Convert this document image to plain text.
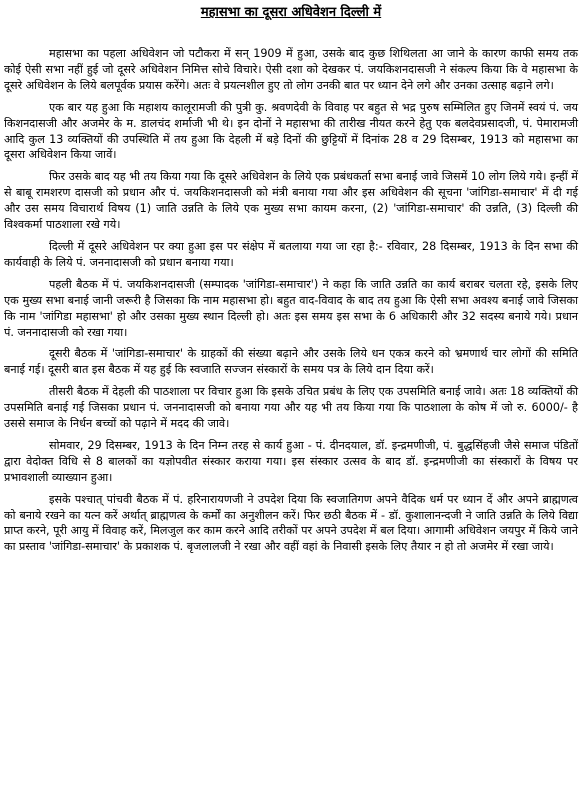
महासभा का दूसरा अधिवेशन दिल्ली में

महासभा का पहला अधिवेशन जो पटौकरा में सन् 1909 में हुआ, उसके बाद कुछ शिथिलता आ जाने के कारण काफी समय तक कोई ऐसी सभा नहीं हुई जो दूसरे अधिवेशन निमित्त सोचे विचारे। ऐसी दशा को देखकर पं. जयकिशनदासजी ने संकल्प किया कि वे महासभा के दूसरे अधिवेशन के लिये बलपूर्वक प्रयास करेंगे। अतः वे प्रयत्नशील हुए तो लोग उनकी बात पर ध्यान देने लगे और उनका उत्साह बढ़ाने लगे।

एक बार यह हुआ कि महाशय कालूरामजी की पुत्री कु. श्रवणदेवी के विवाह पर बहुत से भद्र पुरुष सम्मिलित हुए जिनमें स्वयं पं. जय किशनदासजी और अजमेर के म. डालचंद शर्माजी भी थे। इन दोनों ने महासभा की तारीख नीयत करने हेतु एक बलदेवप्रसादजी, पं. पेमारामजी आदि कुल 13 व्यक्तियों की उपस्थिति में तय हुआ कि देहली में बड़े दिनों की छुट्टियों में दिनांक 28 व 29 दिसम्बर, 1913 को महासभा का दूसरा अधिवेशन किया जावें।

फिर उसके बाद यह भी तय किया गया कि दूसरे अधिवेशन के लिये एक प्रबंधकर्ता सभा बनाई जावे जिसमें 10 लोग लिये गये। इन्हीं में से बाबू रामशरण दासजी को प्रधान और पं. जयकिशनदासजी को मंत्री बनाया गया और इस अधिवेशन की सूचना 'जांगिडा-समाचार' में दी गई और उस समय विचारार्थ विषय (1) जाति उन्नति के लिये एक मुख्य सभा कायम करना, (2) 'जांगिडा-समाचार' की उन्नति, (3) दिल्ली की विश्वकर्मा पाठशाला रखे गये।

दिल्ली में दूसरे अधिवेशन पर क्या हुआ इस पर संक्षेप में बतलाया गया जा रहा है:- रविवार, 28 दिसम्बर, 1913 के दिन सभा की कार्यवाही के लिये पं. जननादासजी को प्रधान बनाया गया।

पहली बैठक में पं. जयकिशनदासजी (सम्पादक 'जांगिडा-समाचार') ने कहा कि जाति उन्नति का कार्य बराबर चलता रहे, इसके लिए एक मुख्य सभा बनाई जानी जरूरी है जिसका कि नाम महासभा हो। बहुत वाद-विवाद के बाद तय हुआ कि ऐसी सभा अवश्य बनाई जावे जिसका कि नाम 'जांगिडा महासभा' हो और उसका मुख्य स्थान दिल्ली हो। अतः इस समय इस सभा के 6 अधिकारी और 32 सदस्य बनाये गये। प्रधान पं. जननादासजी को रखा गया।

दूसरी बैठक में 'जांगिडा-समाचार' के ग्राहकों की संख्या बढ़ाने और उसके लिये धन एकत्र करने को भ्रमणार्थ चार लोगों की समिति बनाई गई। दूसरी बात इस बैठक में यह हुई कि स्वजाति सज्जन संस्कारों के समय पत्र के लिये दान दिया करें।

तीसरी बैठक में देहली की पाठशाला पर विचार हुआ कि इसके उचित प्रबंध के लिए एक उपसमिति बनाई जावे। अतः 18 व्यक्तियों की उपसमिति बनाई गई जिसका प्रधान पं. जननादासजी को बनाया गया और यह भी तय किया गया कि पाठशाला के कोष में जो रु. 6000/- है उससे समाज के निर्धन बच्चों को पढ़ाने में मदद की जावे।

सोमवार, 29 दिसम्बर, 1913 के दिन निम्न तरह से कार्य हुआ - पं. दीनदयाल, डॉ. इन्द्रमणीजी, पं. बुद्धसिंहजी जैसे समाज पंडितों द्वारा वेदोक्त विधि से 8 बालकों का यज्ञोपवीत संस्कार कराया गया। इस संस्कार उत्सव के बाद डॉ. इन्द्रमणीजी का संस्कारों के विषय पर प्रभावशाली व्याख्यान हुआ।

इसके पश्चात् पांचवी बैठक में पं. हरिनारायणजी ने उपदेश दिया कि स्वजातिगण अपने वैदिक धर्म पर ध्यान दें और अपने ब्राह्मणत्व को बनाये रखने का यत्न करें अर्थात् ब्राह्मणत्व के कर्मों का अनुशीलन करें। फिर छठी बैठक में - डॉ. कुशालानन्दजी ने जाति उन्नति के लिये विद्या प्राप्त करने, पूरी आयु में विवाह करें, मिलजुल कर काम करने आदि तरीकों पर अपने उपदेश में बल दिया। आगामी अधिवेशन जयपुर में किये जाने का प्रस्ताव 'जांगिडा-समाचार' के प्रकाशक पं. बृजलालजी ने रखा और वहीं वहां के निवासी इसके लिए तैयार न हो तो अजमेर में रखा जाये।
